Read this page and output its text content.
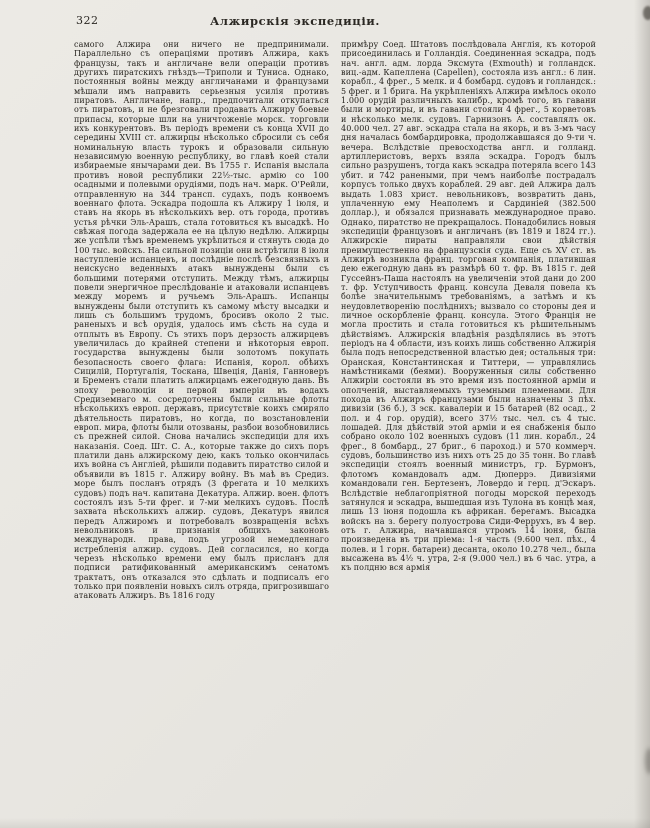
322	Алжирскія экспедиціи.
самого Алжира они ничего не предпринимали. Параллельно съ операціями противъ Алжира, какъ французы, такъ и англичане вели операціи противъ другихъ пиратскихъ гнѣздъ—Триполи и Туниса. Однако, постоянныя войны между англичанами и французами мѣшали имъ направить серьезныя усилія противъ пиратовъ. Англичане, напр., предпочитали откупаться отъ пиратовъ, и не брезговали продавать Алжиру боевые припасы, которые шли на уничтоженіе морск. торговли ихъ конкурентовъ. Въ періодъ времени съ конца XVII до середины XVIII ст. алжирцы нѣсколько сбросили съ себя номинальную власть турокъ и образовали сильную независимую военную республику, во главѣ коей стали избираемые янычарами деи. Въ 1755 г. Испанія выслала противъ новой республики 22½-тыс. армію со 100 осадными и полевыми орудіями, подъ нач. марк. О'Рейли, отправленную на 344 трансп. судахъ, подъ конвоемъ военнаго флота. Эскадра подошла къ Алжиру 1 іюля, и ставъ на якорь въ нѣсколькихъ вер. отъ города, противъ устья рѣчки Эль-Арашъ, стала готовиться къ высадкѣ. Но свѣжая погода задержала ее на цѣлую недѣлю. Алжирцы же успѣли тѣмъ временемъ укрѣпиться и стянуть сюда до 100 тыс. войскъ. На сильной позиціи они встрѣтили 8 іюля наступленіе испанцевъ, и послѣдніе послѣ безсвязныхъ и неискусно веденныхъ атакъ вынуждены были съ большими потерями отступить. Между тѣмъ, алжирцы повели энергичное преслѣдованіе и атаковали испанцевъ между моремъ и ручьемъ Эль-Арашъ. Испанцы вынуждены были отступить къ самому мѣсту высадки и лишь съ большимъ трудомъ, бросивъ около 2 тыс. раненыхъ и всѣ орудія, удалось имъ сѣсть на суда и отплыть въ Европу. Съ этихъ поръ дерзость алжирцевъ увеличилась до крайней степени и нѣкоторыя европ. государства вынуждены были золотомъ покупать безопасность своего флага: Испанія, корол. обѣихъ Сицилій, Португалія, Тоскана, Швеція, Данія, Ганноверъ и Бременъ стали платить алжирцамъ ежегодную дань. Въ эпоху революціи и первой имперіи въ водахъ Средиземнаго м. сосредоточены были сильные флоты нѣсколькихъ европ. державъ, присутствіе коихъ смиряло дѣятельность пиратовъ, но когда, по возстановленіи европ. мира, флоты были отозваны, разбои возобновились съ прежней силой. Снова начались экспедиціи для ихъ наказанія. Соед. Шт. С. А., которые также до сихъ поръ платили дань алжирскому дею, какъ только окончилась ихъ война съ Англіей, рѣшили подавить пиратство силой и объявили въ 1815 г. Алжиру войну. Въ маѣ въ Средиз. море былъ посланъ отрядъ (3 фрегата и 10 мелкихъ судовъ) подъ нач. капитана Декатура. Алжир. воен. флотъ состоялъ изъ 5-ти фрег. и 7-ми мелкихъ судовъ. Послѣ захвата нѣсколькихъ алжир. судовъ, Декатуръ явился передъ Алжиромъ и потребовалъ возвращенія всѣхъ невольниковъ и признанія общихъ законовъ международн. права, подъ угрозой немедленнаго истребленія алжир. судовъ. Дей согласился, но когда черезъ нѣсколько времени ему былъ присланъ для подписи ратификованный американскимъ сенатомъ трактатъ, онъ отказался это сдѣлать и подписалъ его только при появленіи новыхъ силъ отряда, пригрозившаго атаковать Алжиръ. Въ 1816 году
примѣру Соед. Штатовъ послѣдовала Англія, къ которой присоединилась и Голландія. Соединенная эскадра, подъ нач. англ. адм. лорда Эксмута (Exmouth) и голландск. виц.-адм. Капеллена (Capellen), состояла изъ англ.: 6 лин. корабл., 4 фрег., 5 мелк. и 4 бомбард. судовъ и голландск.: 5 фрег. и 1 брига. На укрѣпленіяхъ Алжира имѣлось около 1.000 орудій различныхъ калибр., кромѣ того, въ гавани были и мортиры, и въ гавани стояли 4 фрег., 5 корветовъ и нѣсколько мелк. судовъ. Гарнизонъ А. составлялъ ок. 40.000 чел. 27 авг. эскадра стала на якорь, и въ 3-мъ часу дня началась бомбардировка, продолжавшаяся до 9-ти ч. вечера. Вслѣдствіе превосходства англ. и голланд. артиллеристовъ, верхъ взяла эскадра. Городъ былъ сильно разрушенъ, тогда какъ эскадра потеряла всего 143 убит. и 742 ранеными, при чемъ наиболѣе пострадалъ корпусъ только двухъ кораблей. 29 авг. дей Алжира далъ выдать 1.083 христ. невольниковъ, возвратить дань, уплаченную ему Неаполемъ и Сардиніей (382.500 доллар.), и обязался признавать международное право. Однако, пиратство не прекращалось. Понадобились новыя экспедиціи французовъ и англичанъ (въ 1819 и 1824 гг.). Алжирскіе пираты направляли свои дѣйствія преимущественно на французскія суда. Еще съ XV ст. въ Алжирѣ возникла франц. торговая компанія, платившая дею ежегодную дань въ размѣрѣ 60 т. фр. Въ 1815 г. дей Гуссейнъ-Паша настоялъ на увеличеніи этой дани до 200 т. фр. Уступчивость франц. консула Деваля повела къ болѣе значительнымъ требованіямъ, а затѣмъ и къ неудовлетворенію послѣднихъ; вызвало со стороны дея и личное оскорбленіе франц. консула. Этого Франція не могла простить и стала готовиться къ рѣшительнымъ дѣйствіямъ. Алжирскія владѣнія раздѣлялись въ этотъ періодъ на 4 области, изъ коихъ лишь собственно Алжирія была подъ непосредственной властью дея; остальныя три: Оранская, Константинская и Титтери, — управлялись намѣстниками (беями). Вооруженныя силы собственно Алжиріи состояли въ это время изъ постоянной арміи и ополченій, выставляемыхъ туземными племенами. Для похода въ Алжиръ французами были назначены 3 пѣх. дивизіи (36 б.), 3 эск. кавалеріи и 15 батарей (82 осад., 2 пол. и 4 гор. орудій), всего 37½ тыс. чел. съ 4 тыс. лошадей. Для дѣйствій этой арміи и ея снабженія было собрано около 102 военныхъ судовъ (11 лин. корабл., 24 фрег., 8 бомбард., 27 бриг., 6 пароход.) и 570 коммерч. судовъ, большинство изъ нихъ отъ 25 до 35 тонн. Во главѣ экспедиціи стоялъ военный министръ, гр. Бурмонъ, флотомъ командовалъ адм. Дюперрэ. Дивизіями командовали ген. Бертезенъ, Ловердо и герц. д'Эскаръ. Вслѣдствіе неблагопріятной погоды морской переходъ затянулся и эскадра, вышедшая изъ Тулона въ концѣ мая, лишь 13 іюня подошла къ африкан. берегамъ. Высадка войскъ на з. берегу полуострова Сиди-Феррухъ, въ 4 вер. отъ г. Алжира, начавшаяся утромъ 14 іюня, была произведена въ три пріема: 1-я часть (9.600 чел. пѣх., 4 полев. и 1 горн. батареи) десанта, около 10.278 чел., была высажена въ 4½ ч. утра, 2-я (9.000 чел.) въ 6 час. утра, а къ полдню вся армія
